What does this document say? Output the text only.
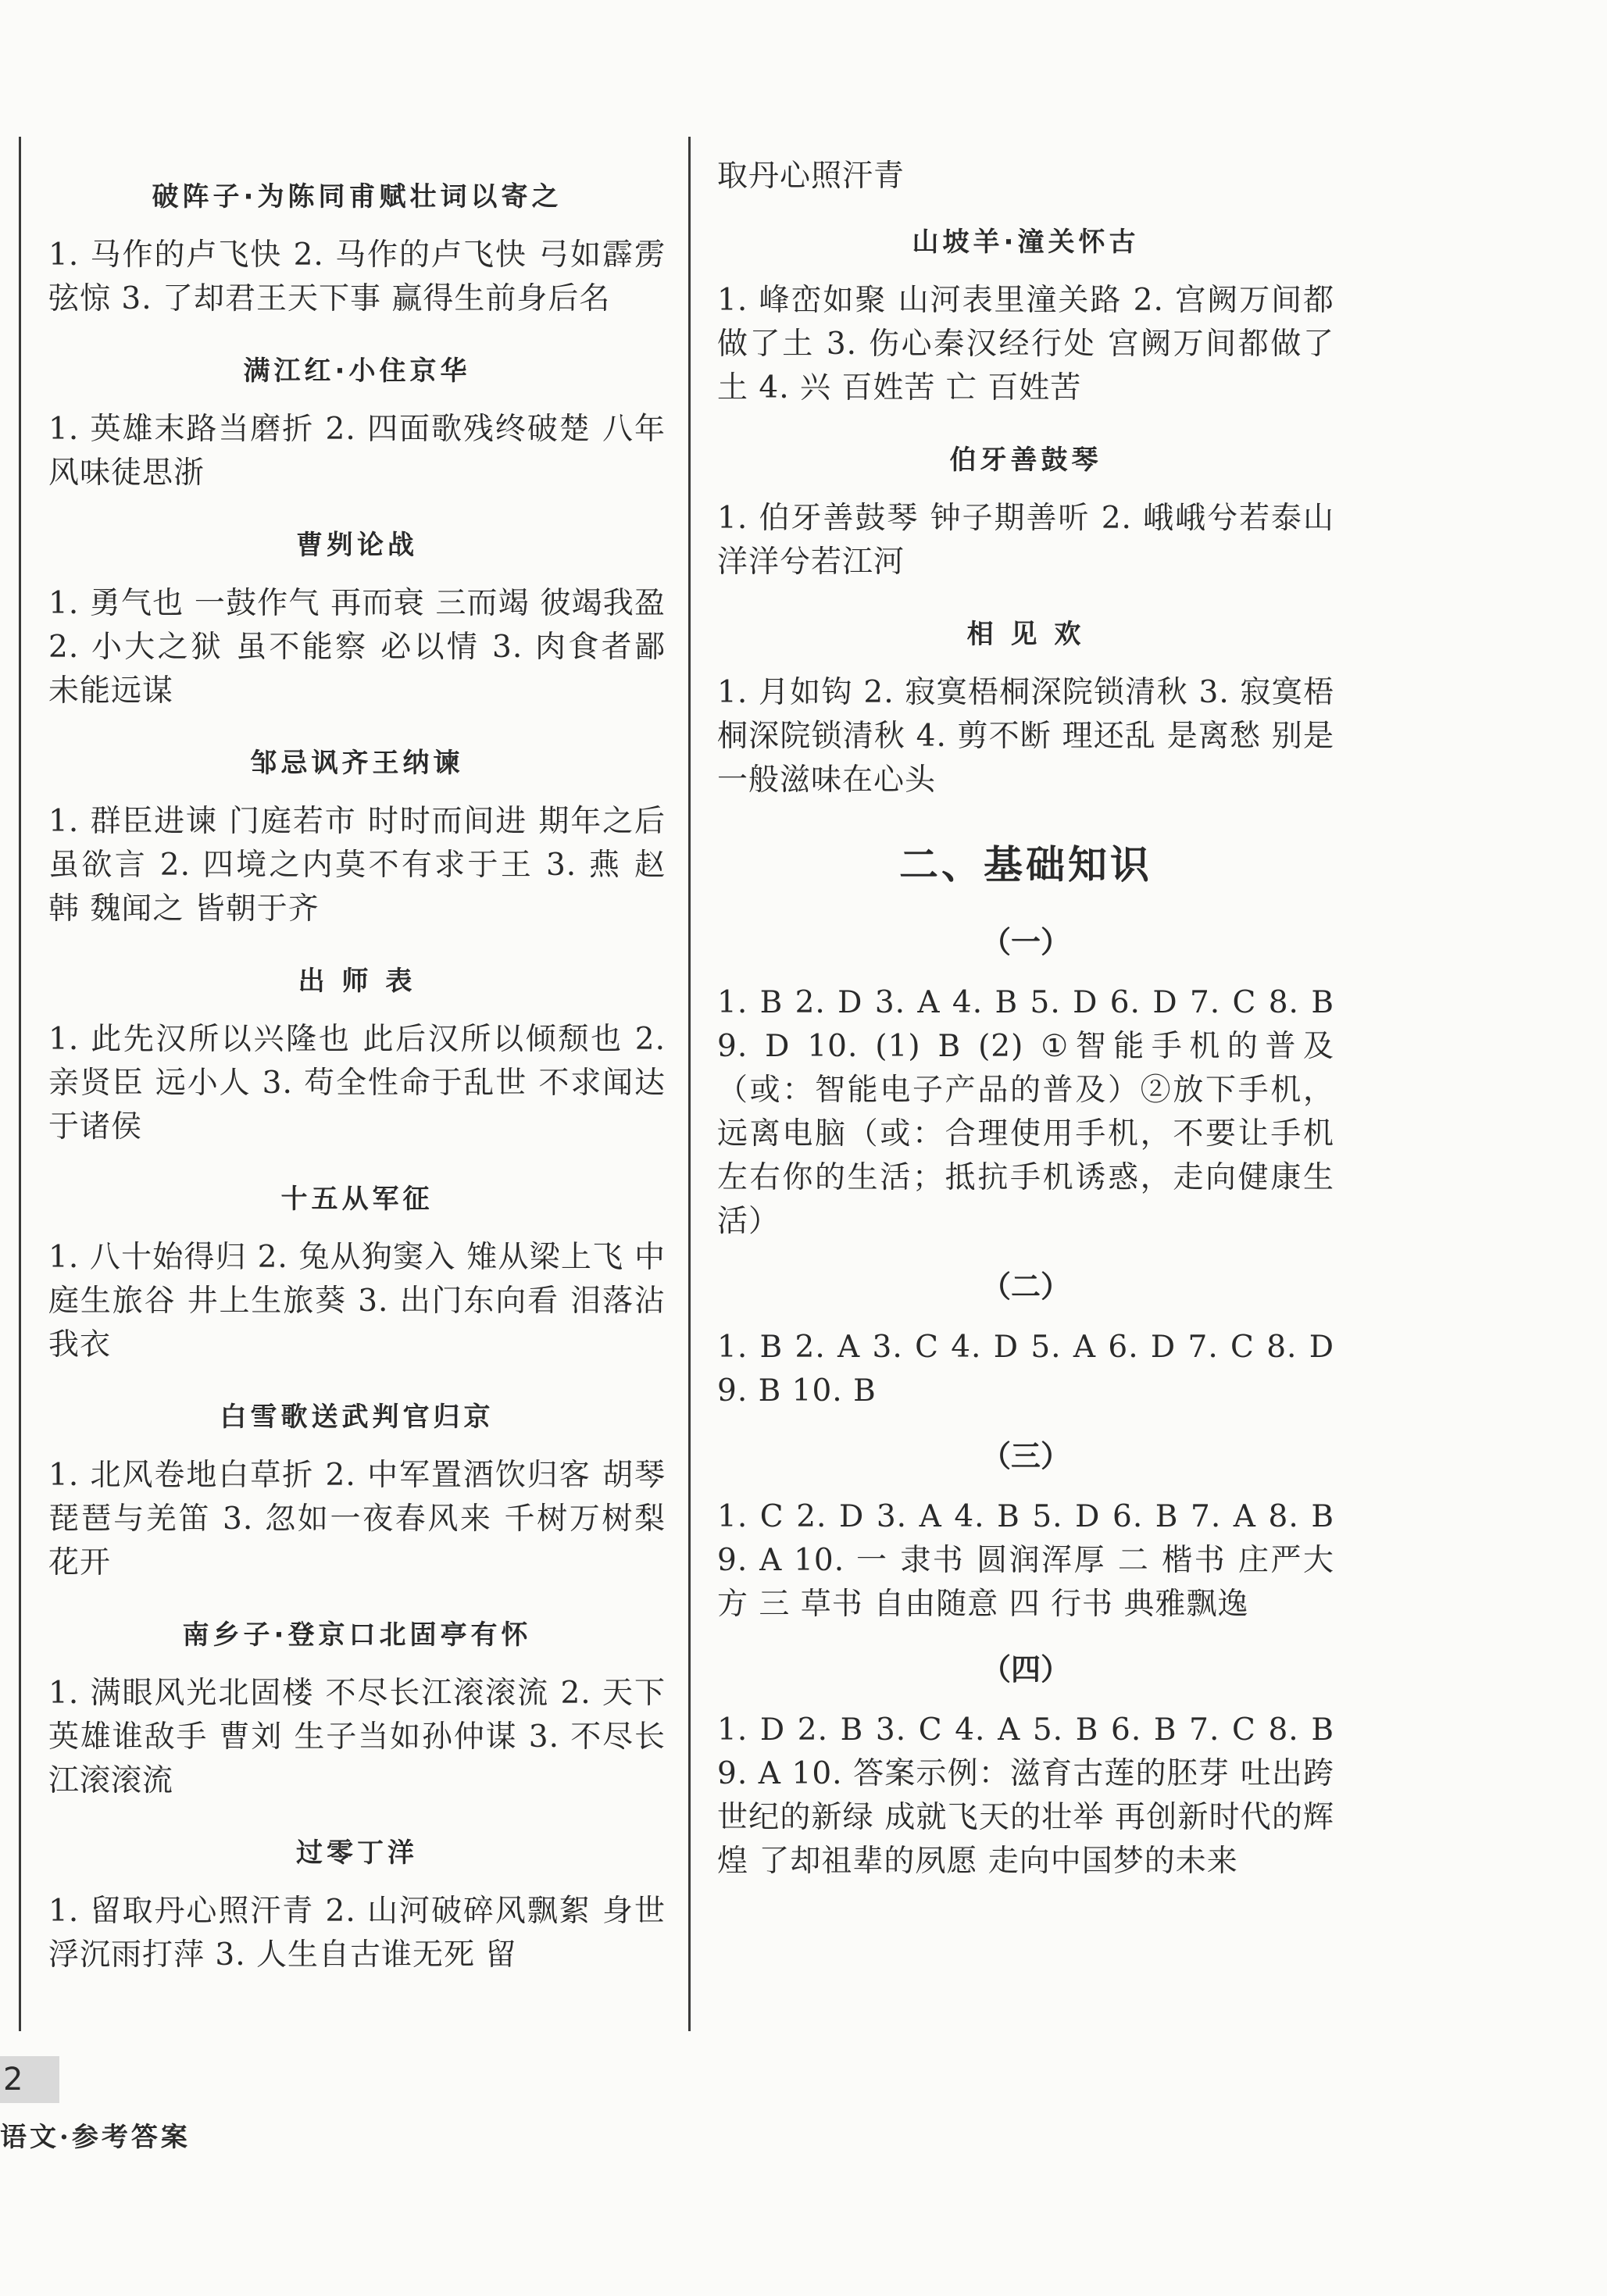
破阵子·为陈同甫赋壮词以寄之

1. 马作的卢飞快 2. 马作的卢飞快 弓如霹雳弦惊 3. 了却君王天下事 赢得生前身后名

满江红·小住京华

1. 英雄末路当磨折 2. 四面歌残终破楚 八年风味徒思浙

曹刿论战

1. 勇气也 一鼓作气 再而衰 三而竭 彼竭我盈 2. 小大之狱 虽不能察 必以情 3. 肉食者鄙 未能远谋

邹忌讽齐王纳谏

1. 群臣进谏 门庭若市 时时而间进 期年之后 虽欲言 2. 四境之内莫不有求于王 3. 燕 赵 韩 魏闻之 皆朝于齐

出 师 表

1. 此先汉所以兴隆也 此后汉所以倾颓也 2. 亲贤臣 远小人 3. 苟全性命于乱世 不求闻达于诸侯

十五从军征

1. 八十始得归 2. 兔从狗窦入 雉从梁上飞 中庭生旅谷 井上生旅葵 3. 出门东向看 泪落沾我衣

白雪歌送武判官归京

1. 北风卷地白草折 2. 中军置酒饮归客 胡琴琵琶与羌笛 3. 忽如一夜春风来 千树万树梨花开

南乡子·登京口北固亭有怀

1. 满眼风光北固楼 不尽长江滚滚流 2. 天下英雄谁敌手 曹刘 生子当如孙仲谋 3. 不尽长江滚滚流

过零丁洋

1. 留取丹心照汗青 2. 山河破碎风飘絮 身世浮沉雨打萍 3. 人生自古谁无死 留

取丹心照汗青

山坡羊·潼关怀古

1. 峰峦如聚 山河表里潼关路 2. 宫阙万间都做了土 3. 伤心秦汉经行处 宫阙万间都做了土 4. 兴 百姓苦 亡 百姓苦

伯牙善鼓琴

1. 伯牙善鼓琴 钟子期善听 2. 峨峨兮若泰山 洋洋兮若江河

相 见 欢

1. 月如钩 2. 寂寞梧桐深院锁清秋 3. 寂寞梧桐深院锁清秋 4. 剪不断 理还乱 是离愁 别是一般滋味在心头

二、基础知识
（一）

1. B 2. D 3. A 4. B 5. D 6. D 7. C 8. B 9. D 10. (1) B (2) ①智能手机的普及（或：智能电子产品的普及）②放下手机，远离电脑（或：合理使用手机，不要让手机左右你的生活；抵抗手机诱惑，走向健康生活）

（二）

1. B 2. A 3. C 4. D 5. A 6. D 7. C 8. D 9. B 10. B

（三）

1. C 2. D 3. A 4. B 5. D 6. B 7. A 8. B 9. A 10. 一 隶书 圆润浑厚 二 楷书 庄严大方 三 草书 自由随意 四 行书 典雅飘逸

（四）

1. D 2. B 3. C 4. A 5. B 6. B 7. C 8. B 9. A 10. 答案示例：滋育古莲的胚芽 吐出跨世纪的新绿 成就飞天的壮举 再创新时代的辉煌 了却祖辈的夙愿 走向中国梦的未来

2
语文·参考答案
